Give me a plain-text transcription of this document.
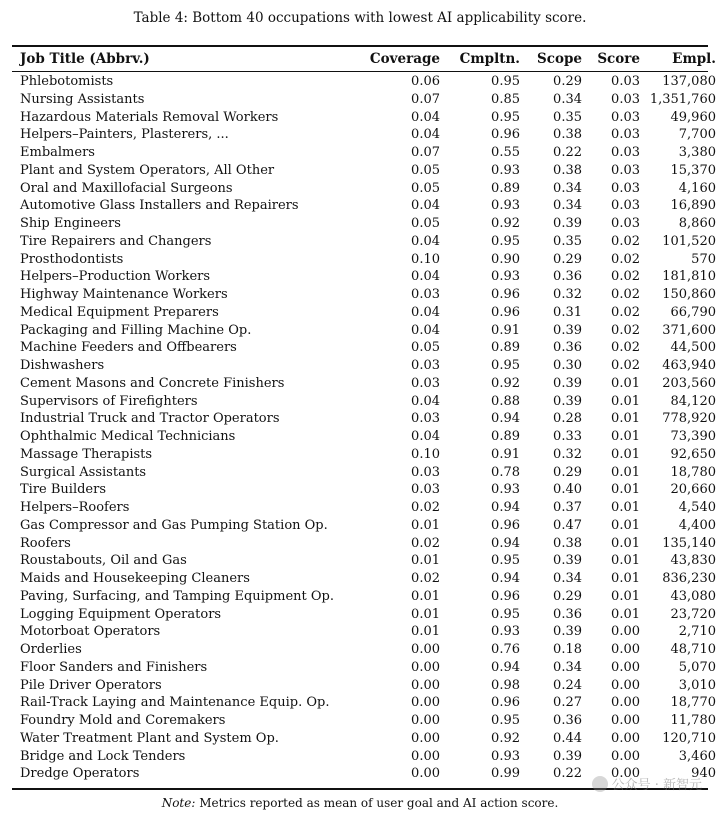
Table 4: Bottom 40 occupations with lowest AI applicability score.
Job Title (Abbrv.)	Coverage	Cmpltn.	Scope	Score	Empl.
Phlebotomists	0.06	0.95	0.29	0.03	137,080
Nursing Assistants	0.07	0.85	0.34	0.03	1,351,760
Hazardous Materials Removal Workers	0.04	0.95	0.35	0.03	49,960
Helpers–Painters, Plasterers, ...	0.04	0.96	0.38	0.03	7,700
Embalmers	0.07	0.55	0.22	0.03	3,380
Plant and System Operators, All Other	0.05	0.93	0.38	0.03	15,370
Oral and Maxillofacial Surgeons	0.05	0.89	0.34	0.03	4,160
Automotive Glass Installers and Repairers	0.04	0.93	0.34	0.03	16,890
Ship Engineers	0.05	0.92	0.39	0.03	8,860
Tire Repairers and Changers	0.04	0.95	0.35	0.02	101,520
Prosthodontists	0.10	0.90	0.29	0.02	570
Helpers–Production Workers	0.04	0.93	0.36	0.02	181,810
Highway Maintenance Workers	0.03	0.96	0.32	0.02	150,860
Medical Equipment Preparers	0.04	0.96	0.31	0.02	66,790
Packaging and Filling Machine Op.	0.04	0.91	0.39	0.02	371,600
Machine Feeders and Offbearers	0.05	0.89	0.36	0.02	44,500
Dishwashers	0.03	0.95	0.30	0.02	463,940
Cement Masons and Concrete Finishers	0.03	0.92	0.39	0.01	203,560
Supervisors of Firefighters	0.04	0.88	0.39	0.01	84,120
Industrial Truck and Tractor Operators	0.03	0.94	0.28	0.01	778,920
Ophthalmic Medical Technicians	0.04	0.89	0.33	0.01	73,390
Massage Therapists	0.10	0.91	0.32	0.01	92,650
Surgical Assistants	0.03	0.78	0.29	0.01	18,780
Tire Builders	0.03	0.93	0.40	0.01	20,660
Helpers–Roofers	0.02	0.94	0.37	0.01	4,540
Gas Compressor and Gas Pumping Station Op.	0.01	0.96	0.47	0.01	4,400
Roofers	0.02	0.94	0.38	0.01	135,140
Roustabouts, Oil and Gas	0.01	0.95	0.39	0.01	43,830
Maids and Housekeeping Cleaners	0.02	0.94	0.34	0.01	836,230
Paving, Surfacing, and Tamping Equipment Op.	0.01	0.96	0.29	0.01	43,080
Logging Equipment Operators	0.01	0.95	0.36	0.01	23,720
Motorboat Operators	0.01	0.93	0.39	0.00	2,710
Orderlies	0.00	0.76	0.18	0.00	48,710
Floor Sanders and Finishers	0.00	0.94	0.34	0.00	5,070
Pile Driver Operators	0.00	0.98	0.24	0.00	3,010
Rail-Track Laying and Maintenance Equip. Op.	0.00	0.96	0.27	0.00	18,770
Foundry Mold and Coremakers	0.00	0.95	0.36	0.00	11,780
Water Treatment Plant and System Op.	0.00	0.92	0.44	0.00	120,710
Bridge and Lock Tenders	0.00	0.93	0.39	0.00	3,460
Dredge Operators	0.00	0.99	0.22	0.00	940
Note: Metrics reported as mean of user goal and AI action score.
公众号 · 新智元
